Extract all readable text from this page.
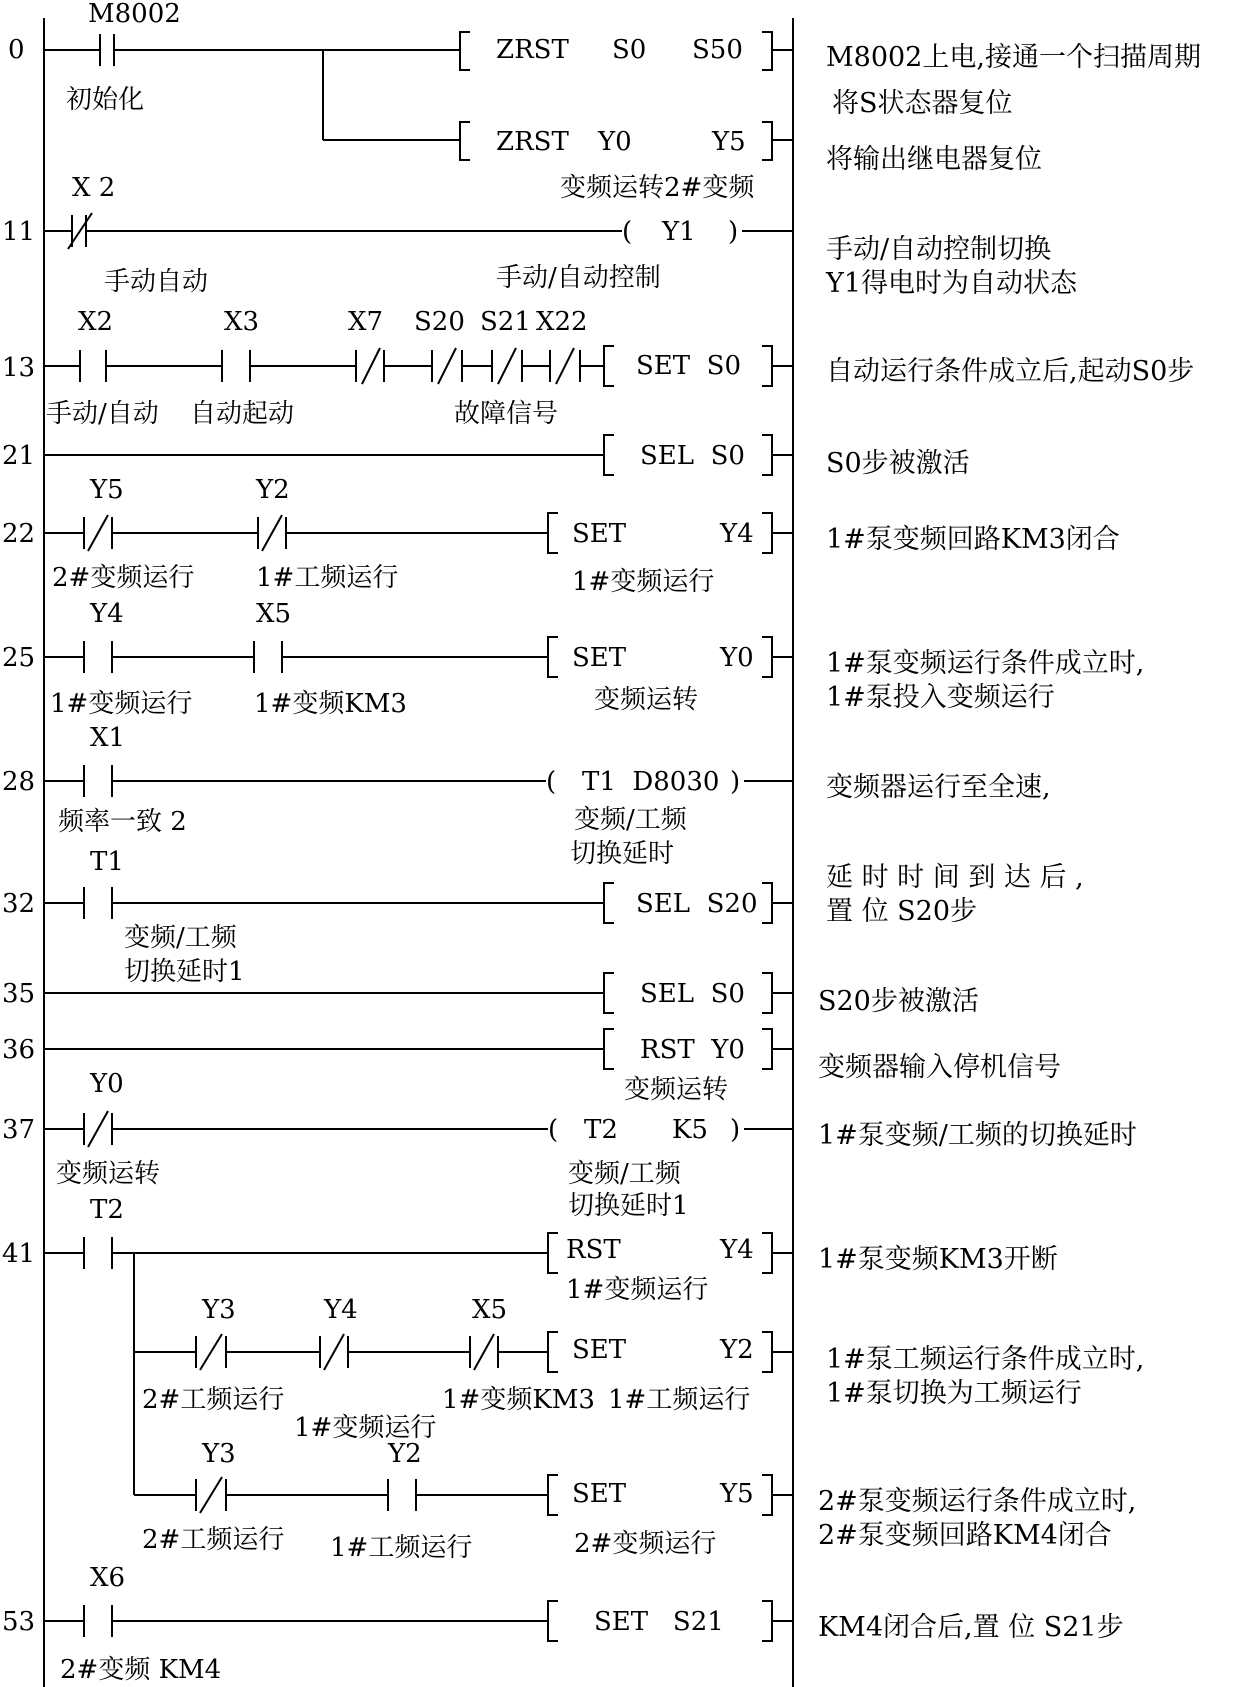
0
M8002
初始化
ZRST S0 S50
ZRST Y0	Y5
M8002上电,接通一个扫描周期
将S状态器复位
将输出继电器复位
11
X 2
手动自动
( Y1 )
变频运转2#变频
手动/自动控制
手动/自动控制切换
Y1得电时为自动状态
13
X2
手动/自动
X3
自动起动
X7 S20 S21 X22
故障信号
SET  S0	自动运行条件成立后,起动S0步
21	SEL  S0	S0步被激活
22
Y5
2#变频运行
Y2
1#工频运行
SET	Y4
1#变频运行
1#泵变频回路KM3闭合
25
Y4
1#变频运行
X5
1#变频KM3
SET	Y0
变频运转
1#泵变频运行条件成立时,
1#泵投入变频运行
28
X1
频率一致 2
( T1  D8030 )
变频/工频
切换延时
变频器运行至全速,
32
T1
变频/工频
切换延时1
SEL  S20
延 时 时 间 到 达 后 ,
置 位 S20步
35	SEL  S0	S20步被激活
36	RST  Y0
变频运转
变频器输入停机信号
37
Y0
变频运转
( T2 K5 )
变频/工频
切换延时1
1#泵变频/工频的切换延时
41
T2
RST	Y4
1#变频运行
1#泵变频KM3开断
Y3
2#工频运行
Y4
1#变频运行
X5
1#变频KM3
SET	Y2
1#工频运行
1#泵工频运行条件成立时,
1#泵切换为工频运行
Y3
2#工频运行
Y2
1#工频运行
SET	Y5
2#变频运行
2#泵变频运行条件成立时,
2#泵变频回路KM4闭合
53
X6
2#变频 KM4
SET   S21	KM4闭合后,置 位 S21步
